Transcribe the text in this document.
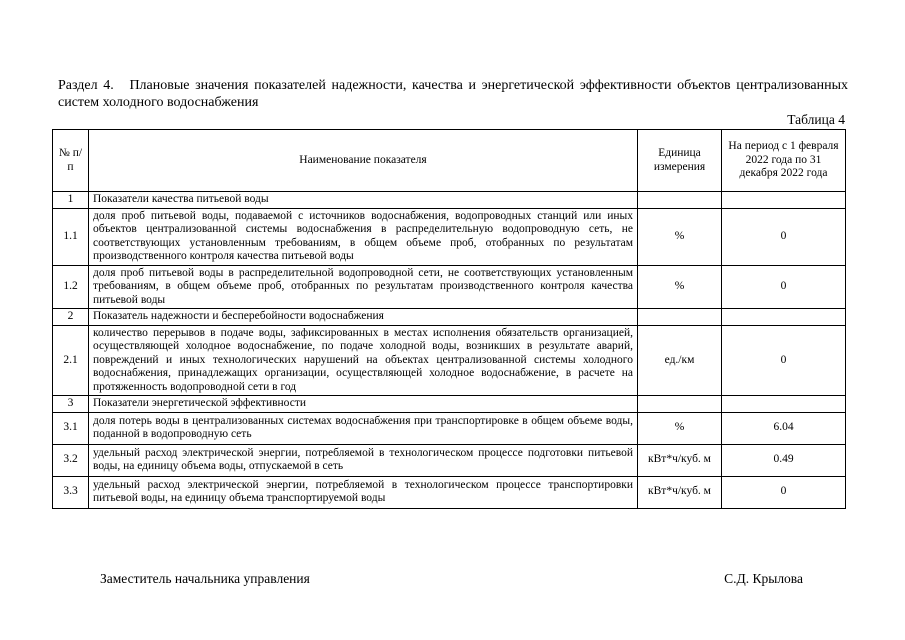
Раздел 4. Плановые значения показателей надежности, качества и энергетической эффективности объектов централизованных систем холодного водоснабжения
Таблица 4
№ п/п	Наименование показателя	Единица измерения	На период с 1 февраля 2022 года по 31 декабря 2022 года
1	Показатели качества питьевой воды		
1.1	доля проб питьевой воды, подаваемой с источников водоснабжения, водопроводных станций или иных объектов централизованной системы водоснабжения в распределительную водопроводную сеть, не соответствующих установленным требованиям, в общем объеме проб, отобранных по результатам производственного контроля качества питьевой воды	%	0
1.2	доля проб питьевой воды в распределительной водопроводной сети, не соответствующих установленным требованиям, в общем объеме проб, отобранных по результатам производственного контроля качества питьевой воды	%	0
2	Показатель надежности и бесперебойности водоснабжения		
2.1	количество перерывов в подаче воды, зафиксированных в местах исполнения обязательств организацией, осуществляющей холодное водоснабжение, по подаче холодной воды, возникших в результате аварий, повреждений и иных технологических нарушений на объектах централизованной системы холодного водоснабжения, принадлежащих организации, осуществляющей холодное водоснабжение, в расчете на протяженность водопроводной сети в год	ед./км	0
3	Показатели энергетической эффективности		
3.1	доля потерь воды в централизованных системах водоснабжения при транспортировке в общем объеме воды, поданной в водопроводную сеть	%	6.04
3.2	удельный расход электрической энергии, потребляемой в технологическом процессе подготовки питьевой воды, на единицу объема воды, отпускаемой в сеть	кВт*ч/куб. м	0.49
3.3	удельный расход электрической энергии, потребляемой в технологическом процессе транспортировки питьевой воды, на единицу объема транспортируемой воды	кВт*ч/куб. м	0
Заместитель начальника управления	С.Д. Крылова
